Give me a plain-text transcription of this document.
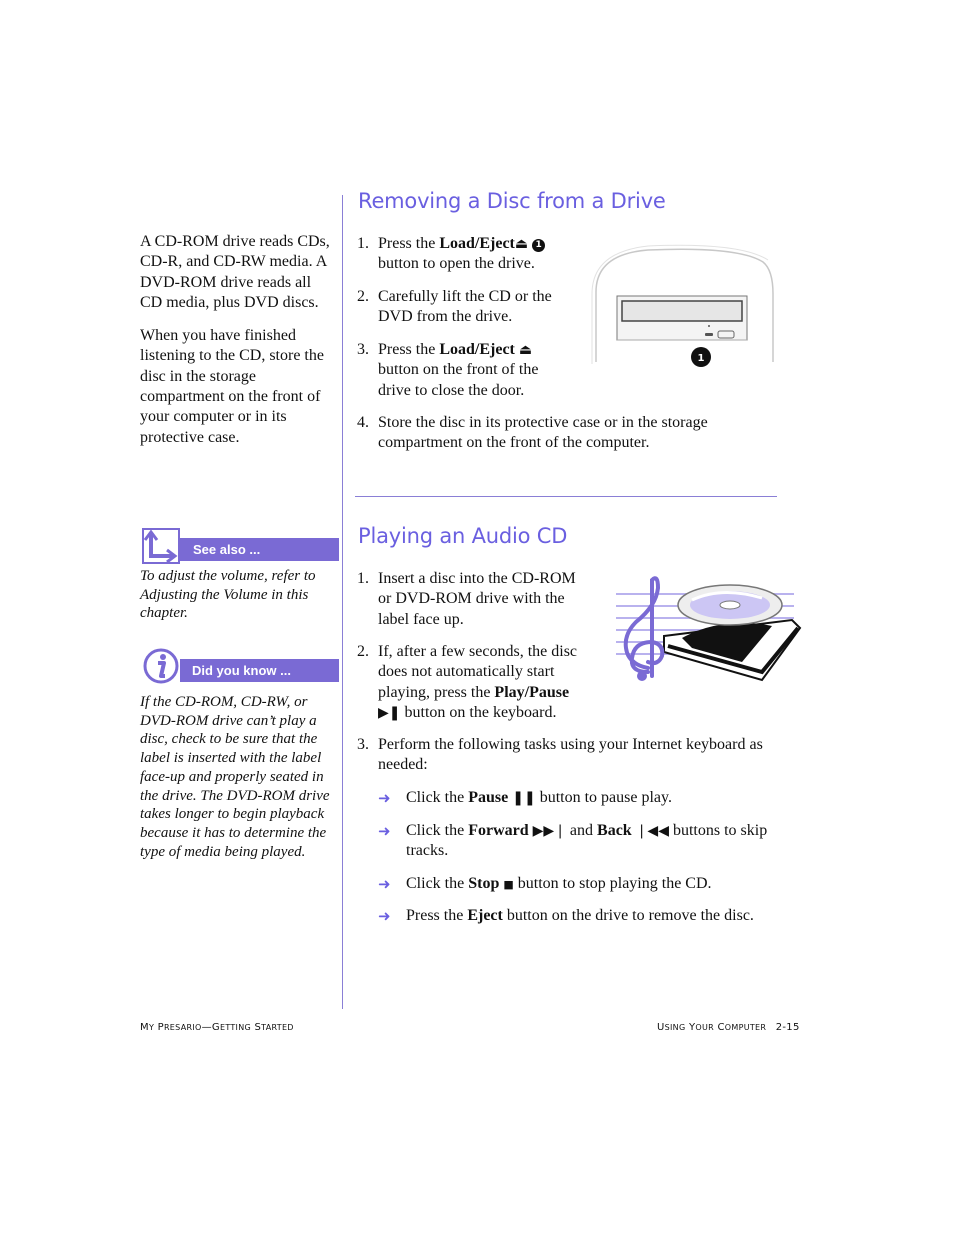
A CD-ROM drive reads CDs, CD-R, and CD-RW media. A DVD-ROM drive reads all CD media, plus DVD discs.

When you have finished listening to the CD, store the disc in the storage compartment on the front of your computer or in its protective case.

See also ...
To adjust the volume, refer to Adjusting the Volume in this chapter.
Did you know ...
If the CD-ROM, CD-RW, or DVD-ROM drive can’t play a disc, check to be sure that the label is inserted with the label face-up and properly seated in the drive. The DVD-ROM drive takes longer to begin playback because it has to determine the type of media being played.
Removing a Disc from a Drive
1. Press the Load/Eject⏏ 1
button to open the drive.
2. Carefully lift the CD or the DVD from the drive.
3. Press the Load/Eject ⏏
button on the front of the drive to close the door.
4. Store the disc in its protective case or in the storage compartment on the front of the computer.
1
Playing an Audio CD
1. Insert a disc into the CD-ROM or DVD-ROM drive with the label face up.
2. If, after a few seconds, the disc does not automatically start playing, press the Play/Pause
▶❚ button on the keyboard.
3. Perform the following tasks using your Internet keyboard as needed:
➜ Click the Pause ❚❚ button to pause play.
➜ Click the Forward ▶▶❘ and Back ❘◀◀ buttons to skip tracks.
➜ Click the Stop ■ button to stop playing the CD.
➜ Press the Eject button on the drive to remove the disc.
MY PRESARIO—GETTING STARTED	USING YOUR COMPUTER 2-15
